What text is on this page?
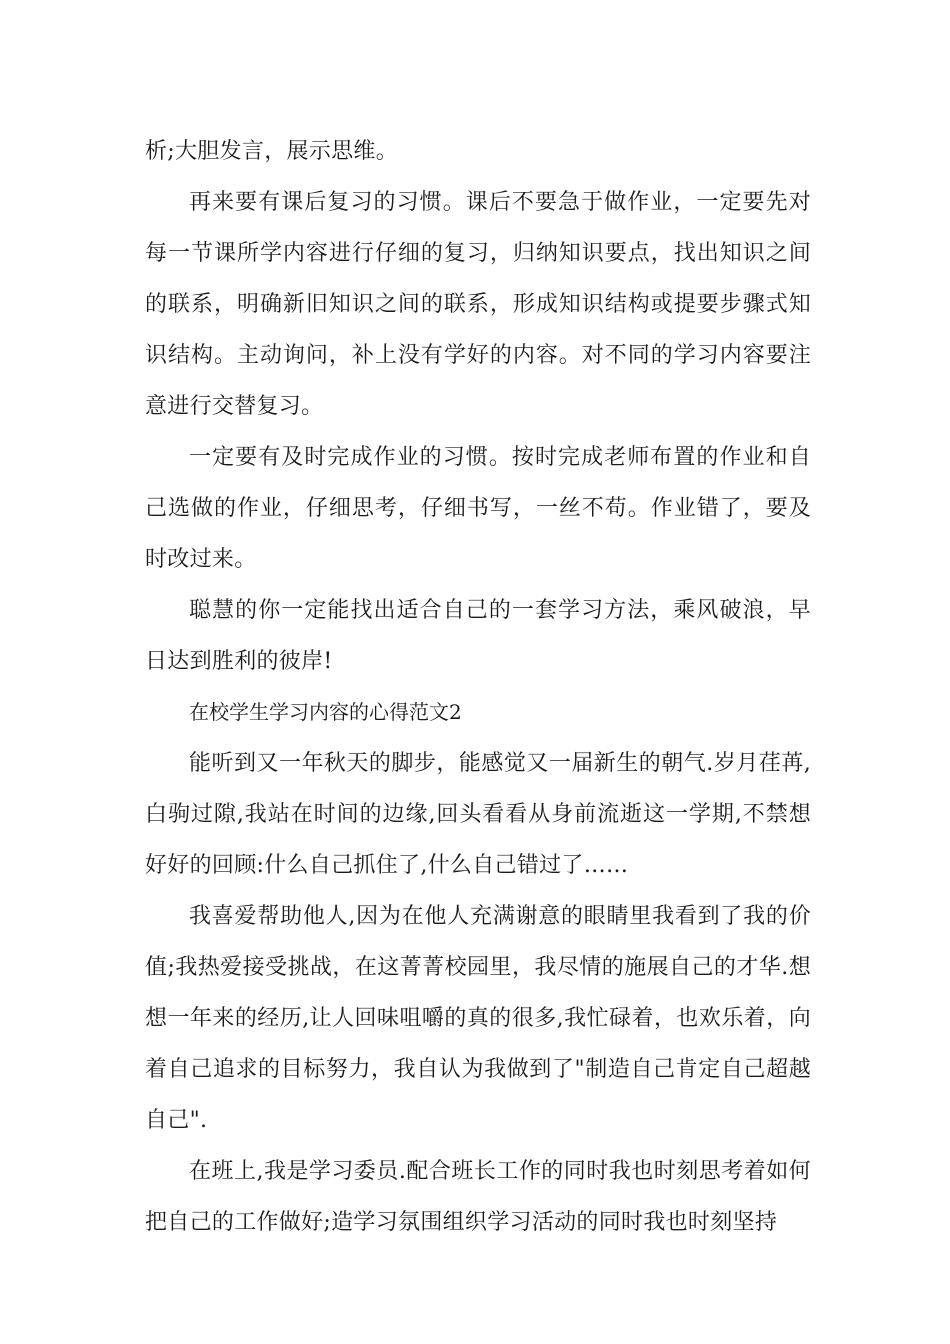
析;大胆发言，展示思维。

再来要有课后复习的习惯。课后不要急于做作业，一定要先对每一节课所学内容进行仔细的复习，归纳知识要点，找出知识之间的联系，明确新旧知识之间的联系，形成知识结构或提要步骤式知识结构。主动询问，补上没有学好的内容。对不同的学习内容要注意进行交替复习。

一定要有及时完成作业的习惯。按时完成老师布置的作业和自己选做的作业，仔细思考，仔细书写，一丝不苟。作业错了，要及时改过来。

聪慧的你一定能找出适合自己的一套学习方法，乘风破浪，早日达到胜利的彼岸!

在校学生学习内容的心得范文2

能听到又一年秋天的脚步，能感觉又一届新生的朝气.岁月荏苒,白驹过隙,我站在时间的边缘,回头看看从身前流逝这一学期,不禁想好好的回顾:什么自己抓住了,什么自己错过了……

我喜爱帮助他人,因为在他人充满谢意的眼睛里我看到了我的价值;我热爱接受挑战，在这菁菁校园里，我尽情的施展自己的才华.想想一年来的经历,让人回味咀嚼的真的很多,我忙碌着，也欢乐着，向着自己追求的目标努力，我自认为我做到了"制造自己肯定自己超越自己".

在班上,我是学习委员.配合班长工作的同时我也时刻思考着如何把自己的工作做好;造学习氛围组织学习活动的同时我也时刻坚持
